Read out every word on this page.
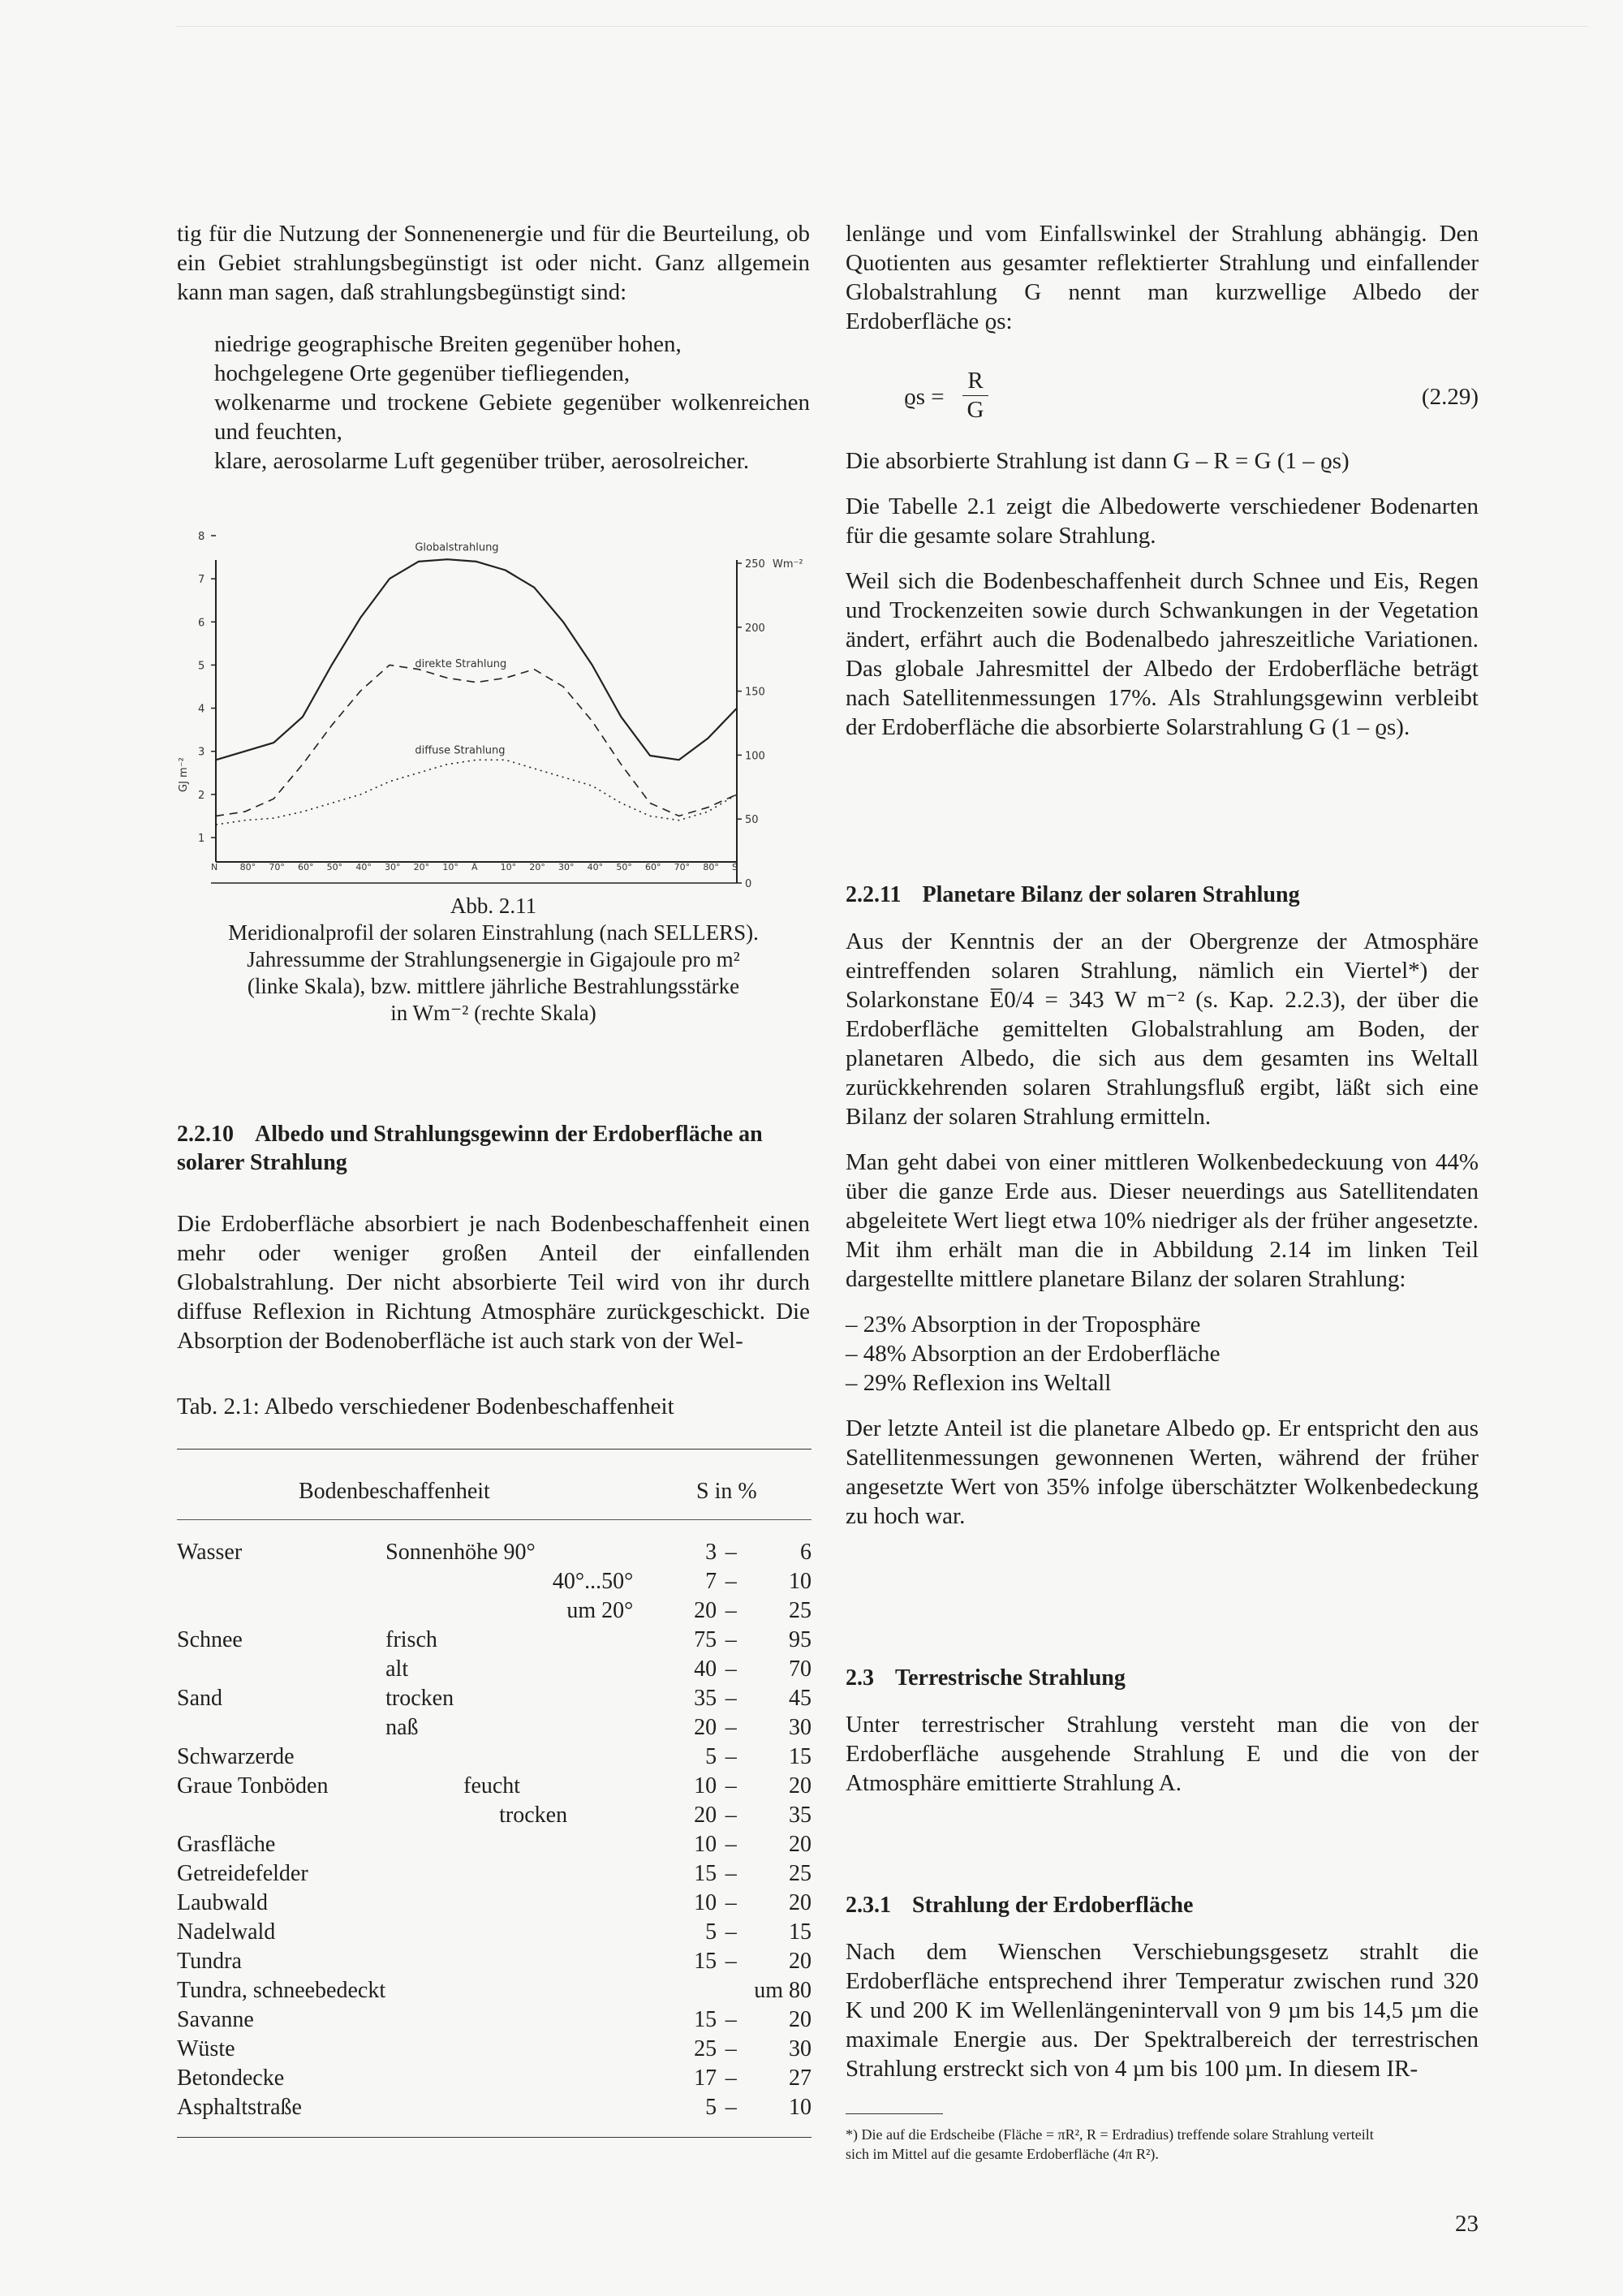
tig für die Nutzung der Sonnenenergie und für die Beurteilung, ob ein Gebiet strahlungsbegünstigt ist oder nicht. Ganz allgemein kann man sagen, daß strahlungsbegünstigt sind:

niedrige geographische Breiten gegenüber hohen,
hochgelegene Orte gegenüber tiefliegenden,
wolkenarme und trockene Gebiete gegenüber wolkenreichen und feuchten,
klare, aerosolarme Luft gegenüber trüber, aerosolreicher.
1
2
3
4
5
6
7
8
0
50
100
150
200
250 Wm⁻²
GJ m⁻²
N 80° 70° 60° 50° 40° 30° 20° 10° Ä	10° 20° 30° 40° 50° 60° 70° 80° S
Globalstrahlung
direkte Strahlung
diffuse Strahlung

Abb. 2.11

Meridionalprofil der solaren Einstrahlung (nach SELLERS).

Jahressumme der Strahlungsenergie in Gigajoule pro m²

(linke Skala), bzw. mittlere jährliche Bestrahlungsstärke

in Wm⁻² (rechte Skala)

2.2.10 Albedo und Strahlungsgewinn der Erdoberfläche an solarer Strahlung

Die Erdoberfläche absorbiert je nach Bodenbeschaffenheit einen mehr oder weniger großen Anteil der einfallenden Globalstrahlung. Der nicht absorbierte Teil wird von ihr durch diffuse Reflexion in Richtung Atmosphäre zurückgeschickt. Die Absorption der Bodenoberfläche ist auch stark von der Wel-

Tab. 2.1: Albedo verschiedener Bodenbeschaffenheit

Bodenbeschaffenheit	S in %
Wasser	Sonnenhöhe 90°	3	–	6
	40°...50°	7	–	10
	um 20°	20	–	25
Schnee	frisch	75	–	95
	alt	40	–	70
Sand	trocken	35	–	45
	naß	20	–	30
Schwarzerde		5	–	15
Graue Tonböden	feucht	10	–	20
	trocken	20	–	35
Grasfläche		10	–	20
Getreidefelder		15	–	25
Laubwald		10	–	20
Nadelwald		5	–	15
Tundra		15	–	20
Tundra, schneebedeckt				um 80
Savanne		15	–	20
Wüste		25	–	30
Betondecke		17	–	27
Asphaltstraße		5	–	10

lenlänge und vom Einfallswinkel der Strahlung abhängig. Den Quotienten aus gesamter reflektierter Strahlung und einfallender Globalstrahlung G nennt man kurzwellige Albedo der Erdoberfläche ϱs:

ϱs =
R
G	(2.29)

Die absorbierte Strahlung ist dann G – R = G (1 – ϱs)

Die Tabelle 2.1 zeigt die Albedowerte verschiedener Bodenarten für die gesamte solare Strahlung.

Weil sich die Bodenbeschaffenheit durch Schnee und Eis, Regen und Trockenzeiten sowie durch Schwankungen in der Vegetation ändert, erfährt auch die Bodenalbedo jahreszeitliche Variationen. Das globale Jahresmittel der Albedo der Erdoberfläche beträgt nach Satellitenmessungen 17%. Als Strahlungsgewinn verbleibt der Erdoberfläche die absorbierte Solarstrahlung G (1 – ϱs).

2.2.11 Planetare Bilanz der solaren Strahlung

Aus der Kenntnis der an der Obergrenze der Atmosphäre eintreffenden solaren Strahlung, nämlich ein Viertel*) der Solarkonstane E̅0/4 = 343 W m⁻² (s. Kap. 2.2.3), der über die Erdoberfläche gemittelten Globalstrahlung am Boden, der planetaren Albedo, die sich aus dem gesamten ins Weltall zurückkehrenden solaren Strahlungsfluß ergibt, läßt sich eine Bilanz der solaren Strahlung ermitteln.

Man geht dabei von einer mittleren Wolkenbedeckuung von 44% über die ganze Erde aus. Dieser neuerdings aus Satellitendaten abgeleitete Wert liegt etwa 10% niedriger als der früher angesetzte. Mit ihm erhält man die in Abbildung 2.14 im linken Teil dargestellte mittlere planetare Bilanz der solaren Strahlung:

– 23% Absorption in der Troposphäre
– 48% Absorption an der Erdoberfläche
– 29% Reflexion ins Weltall

Der letzte Anteil ist die planetare Albedo ϱp. Er entspricht den aus Satellitenmessungen gewonnenen Werten, während der früher angesetzte Wert von 35% infolge überschätzter Wolkenbedeckung zu hoch war.

2.3 Terrestrische Strahlung

Unter terrestrischer Strahlung versteht man die von der Erdoberfläche ausgehende Strahlung E und die von der Atmosphäre emittierte Strahlung A.

2.3.1 Strahlung der Erdoberfläche

Nach dem Wienschen Verschiebungsgesetz strahlt die Erdoberfläche entsprechend ihrer Temperatur zwischen rund 320 K und 200 K im Wellenlängenintervall von 9 µm bis 14,5 µm die maximale Energie aus. Der Spektralbereich der terrestrischen Strahlung erstreckt sich von 4 µm bis 100 µm. In diesem IR-

*) Die auf die Erdscheibe (Fläche = πR², R = Erdradius) treffende solare Strahlung verteilt

sich im Mittel auf die gesamte Erdoberfläche (4π R²).

23
